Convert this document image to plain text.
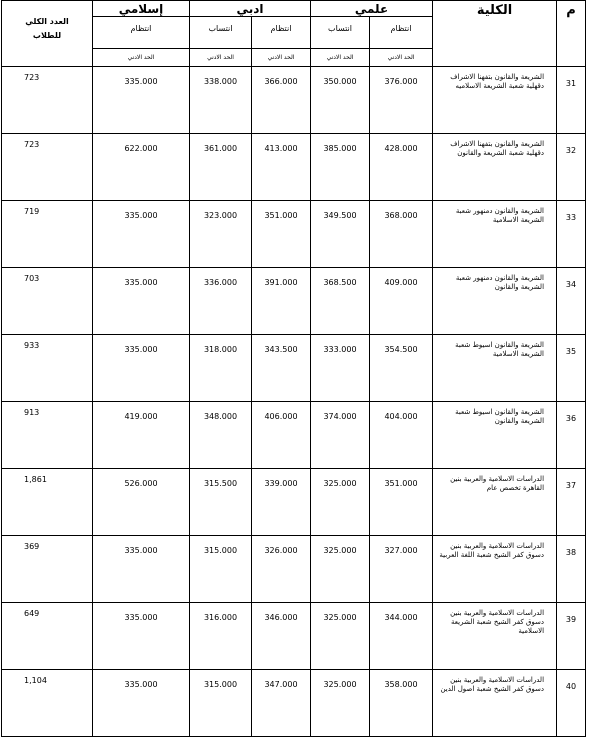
م	الكلية	علمي		ادبي		إسلامي	العدد الكلي
للطلاب
		انتظام	انتساب	انتظام	انتساب	انتظام	
		الحد الادني	الحد الادني	الحد الادني	الحد الادني	الحد الادني	
31	الشريعة والقانون بتفهنا الاشراف دقهلية شعبة الشريعة الاسلاميه	376.000	350.000	366.000	338.000	335.000	723
32	الشريعة والقانون بتفهنا الاشراف دقهلية شعبة الشريعة والقانون	428.000	385.000	413.000	361.000	622.000	723
33	الشريعة والقانون دمنهور شعبة الشريعة الاسلامية	368.000	349.500	351.000	323.000	335.000	719
34	الشريعة والقانون دمنهور شعبة الشريعة والقانون	409.000	368.500	391.000	336.000	335.000	703
35	الشريعة والقانون اسيوط شعبة الشريعة الاسلامية	354.500	333.000	343.500	318.000	335.000	933
36	الشريعة والقانون اسيوط شعبة الشريعة والقانون	404.000	374.000	406.000	348.000	419.000	913
37	الدراسات الاسلامية والعربية بنين القاهرة تخصص عام	351.000	325.000	339.000	315.500	526.000	1,861
38	الدراسات الاسلامية والعربية بنين دسوق كفر الشيخ شعبة اللغة العربية	327.000	325.000	326.000	315.000	335.000	369
39	الدراسات الاسلامية والعربية بنين دسوق كفر الشيخ شعبة الشريعة الاسلامية	344.000	325.000	346.000	316.000	335.000	649
40	الدراسات الاسلامية والعربية بنين دسوق كفر الشيخ شعبة اصول الدين	358.000	325.000	347.000	315.000	335.000	1,104
